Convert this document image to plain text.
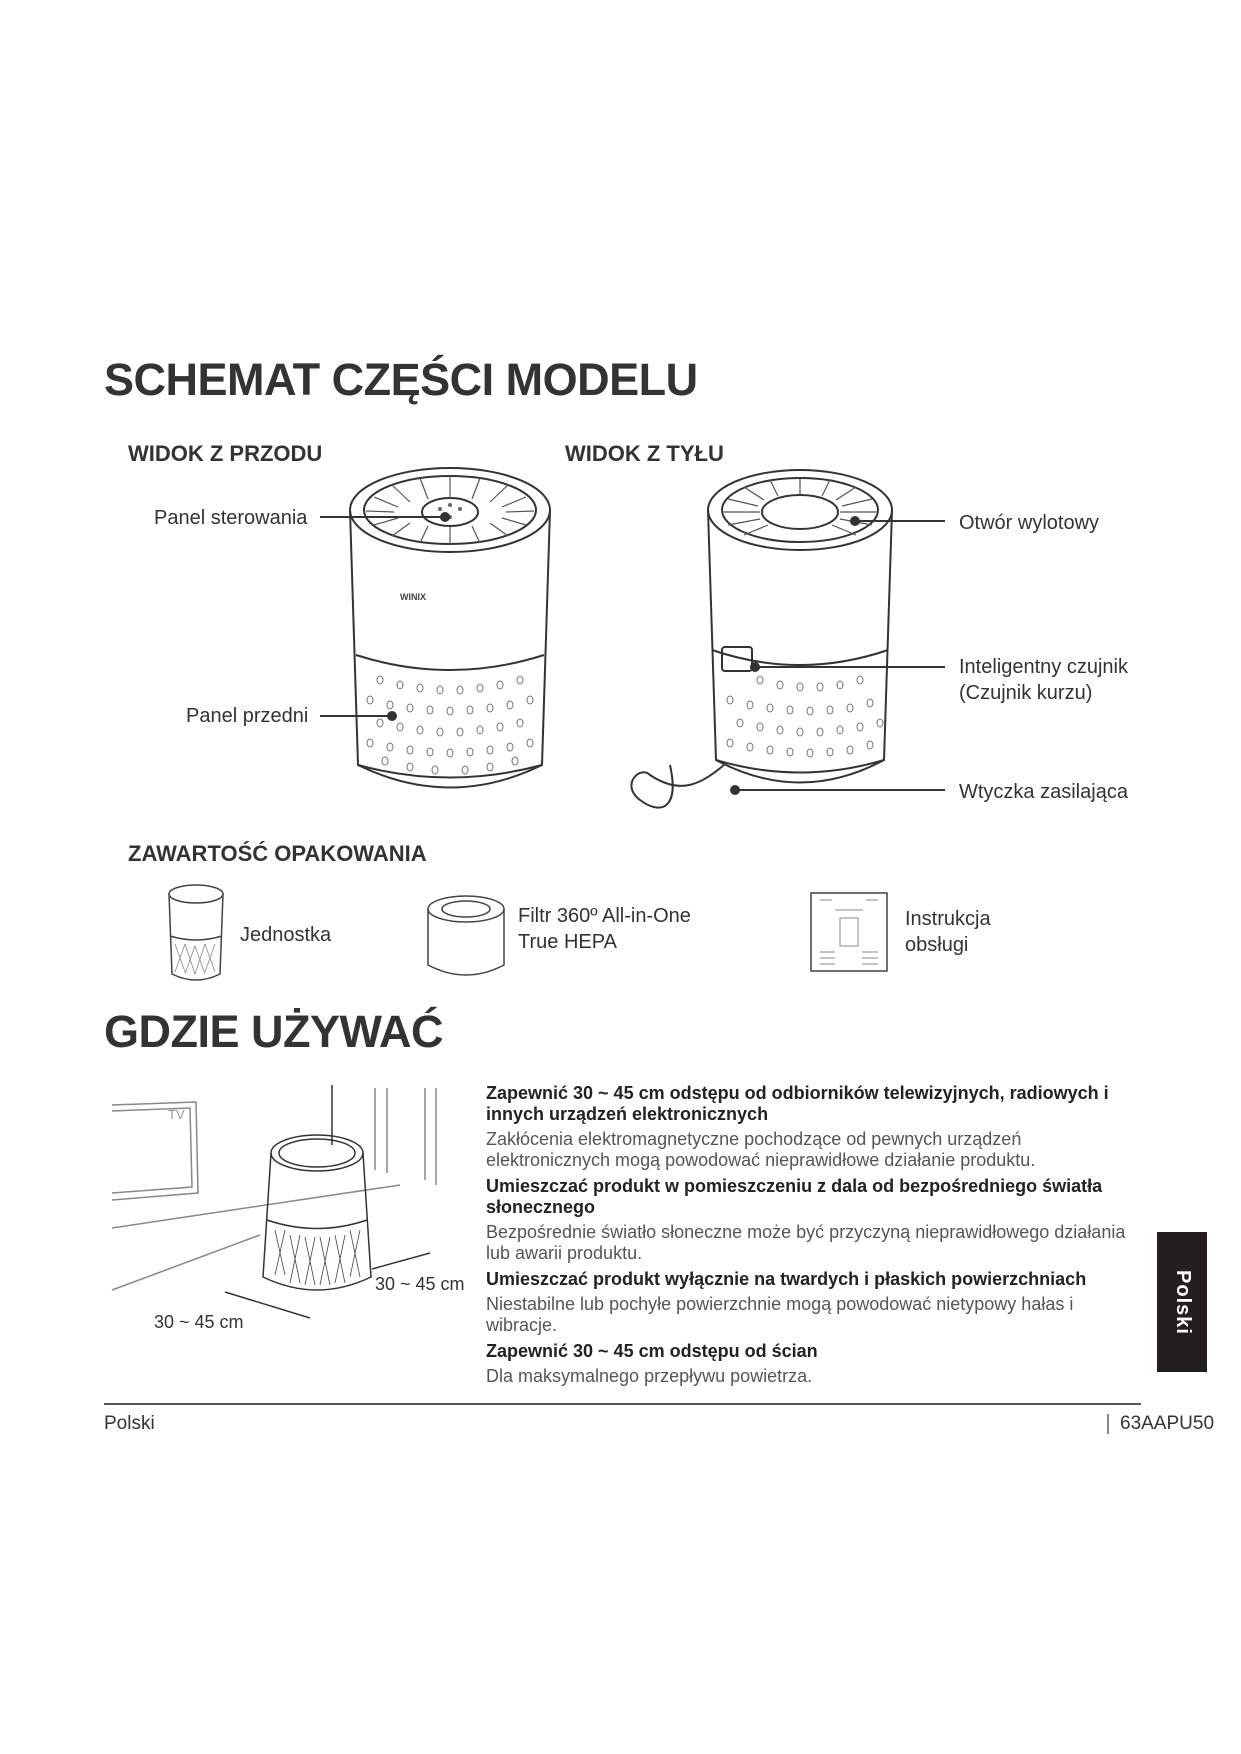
SCHEMAT CZĘŚCI MODELU
WIDOK Z PRZODU	WIDOK Z TYŁU
WINIX
Panel sterowania
Panel przedni
Otwór wylotowy
Inteligentny czujnik
(Czujnik kurzu)
Wtyczka zasilająca
ZAWARTOŚĆ OPAKOWANIA
Jednostka
Filtr 360º All-in-One
True HEPA
Instrukcja
obsługi
GDZIE UŻYWAĆ
TV
30 ~ 45 cm
30 ~ 45 cm
Zapewnić 30 ~ 45 cm odstępu od odbiorników telewizyjnych, radiowych i innych urządzeń elektronicznych
Zakłócenia elektromagnetyczne pochodzące od pewnych urządzeń elektronicznych mogą powodować nieprawidłowe działanie produktu.
Umieszczać produkt w pomieszczeniu z dala od bezpośredniego światła słonecznego
Bezpośrednie światło słoneczne może być przyczyną nieprawidłowego działania lub awarii produktu.
Umieszczać produkt wyłącznie na twardych i płaskich powierzchniach
Niestabilne lub pochyłe powierzchnie mogą powodować nietypowy hałas i wibracje.
Zapewnić 30 ~ 45 cm odstępu od ścian
Dla maksymalnego przepływu powietrza.
Polski
Polski	63AAPU50
